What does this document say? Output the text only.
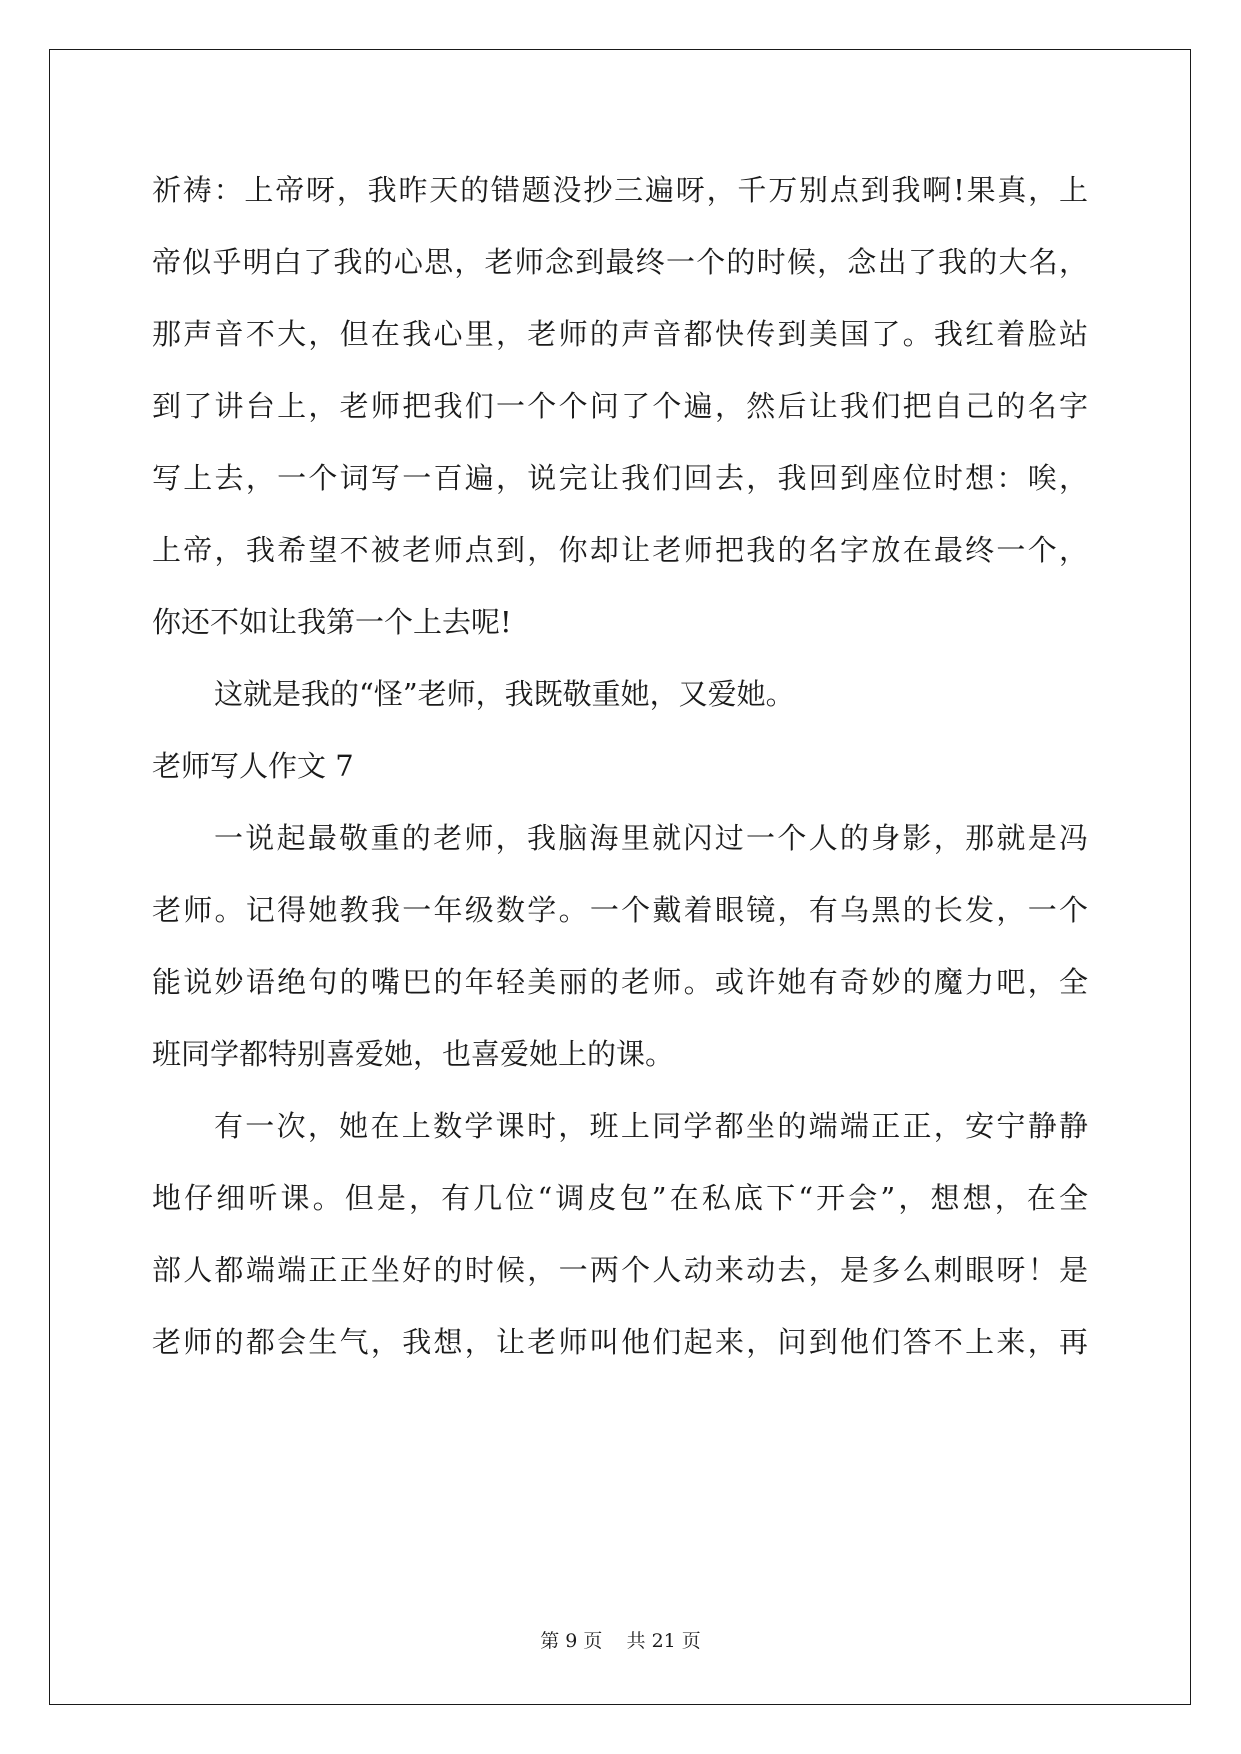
祈祷：上帝呀，我昨天的错题没抄三遍呀，千万别点到我啊!果真，上
帝似乎明白了我的心思，老师念到最终一个的时候，念出了我的大名，
那声音不大，但在我心里，老师的声音都快传到美国了。我红着脸站
到了讲台上，老师把我们一个个问了个遍，然后让我们把自己的名字
写上去，一个词写一百遍，说完让我们回去，我回到座位时想：唉，
上帝，我希望不被老师点到，你却让老师把我的名字放在最终一个，
你还不如让我第一个上去呢!
这就是我的“怪”老师，我既敬重她，又爱她。
老师写人作文 7
一说起最敬重的老师，我脑海里就闪过一个人的身影，那就是冯
老师。记得她教我一年级数学。一个戴着眼镜，有乌黑的长发，一个
能说妙语绝句的嘴巴的年轻美丽的老师。或许她有奇妙的魔力吧，全
班同学都特别喜爱她，也喜爱她上的课。
有一次，她在上数学课时，班上同学都坐的端端正正，安宁静静
地仔细听课。但是，有几位“调皮包”在私底下“开会”，想想，在全
部人都端端正正坐好的时候，一两个人动来动去，是多么刺眼呀！是
老师的都会生气，我想，让老师叫他们起来，问到他们答不上来，再
第 9 页    共 21 页
